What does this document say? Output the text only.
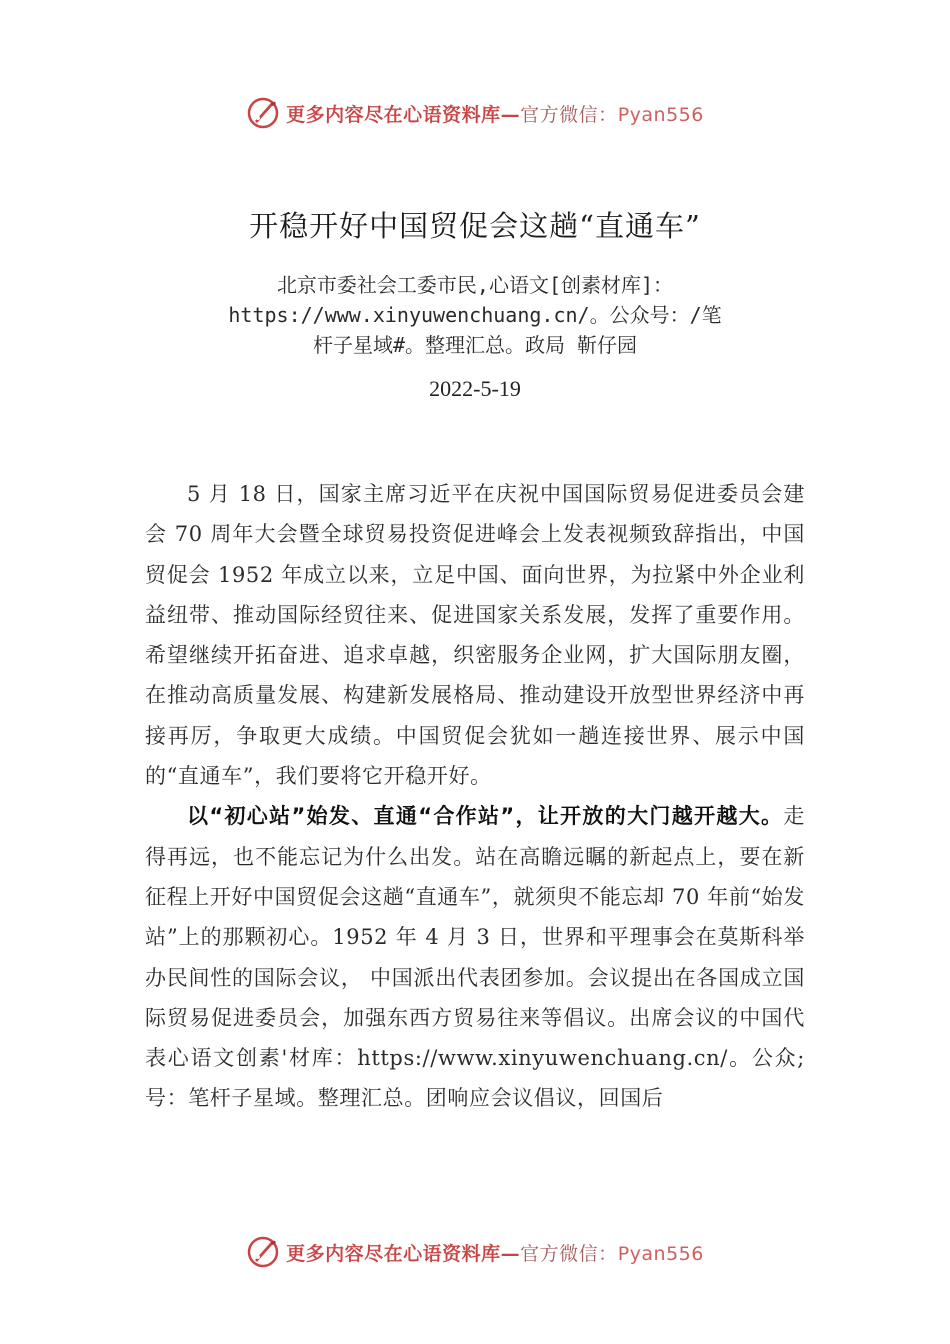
更多内容尽在心语资料库—官方微信：Pyan556
开稳开好中国贸促会这趟“直通车”
北京市委社会工委市民,心语文[创素材库]：
https://www.xinyuwenchuang.cn/。公众号：/笔
杆子星域#。整理汇总。政局 靳仔园
2022-5-19

5 月 18 日，国家主席习近平在庆祝中国国际贸易促进委员会建会 70 周年大会暨全球贸易投资促进峰会上发表视频致辞指出，中国贸促会 1952 年成立以来，立足中国、面向世界，为拉紧中外企业利益纽带、推动国际经贸往来、促进国家关系发展，发挥了重要作用。希望继续开拓奋进、追求卓越，织密服务企业网，扩大国际朋友圈，在推动高质量发展、构建新发展格局、推动建设开放型世界经济中再接再厉，争取更大成绩。中国贸促会犹如一趟连接世界、展示中国的“直通车”，我们要将它开稳开好。

以“初心站”始发、直通“合作站”，让开放的大门越开越大。走得再远，也不能忘记为什么出发。站在高瞻远瞩的新起点上，要在新征程上开好中国贸促会这趟“直通车”，就须臾不能忘却 70 年前“始发站”上的那颗初心。1952 年 4 月 3 日，世界和平理事会在莫斯科举办民间性的国际会议， 中国派出代表团参加。会议提出在各国成立国际贸易促进委员会，加强东西方贸易往来等倡议。出席会议的中国代表心语文创素'材库：https://www.xinyuwenchuang.cn/。公众;号：笔杆子星域。整理汇总。团响应会议倡议，回国后

更多内容尽在心语资料库—官方微信：Pyan556
